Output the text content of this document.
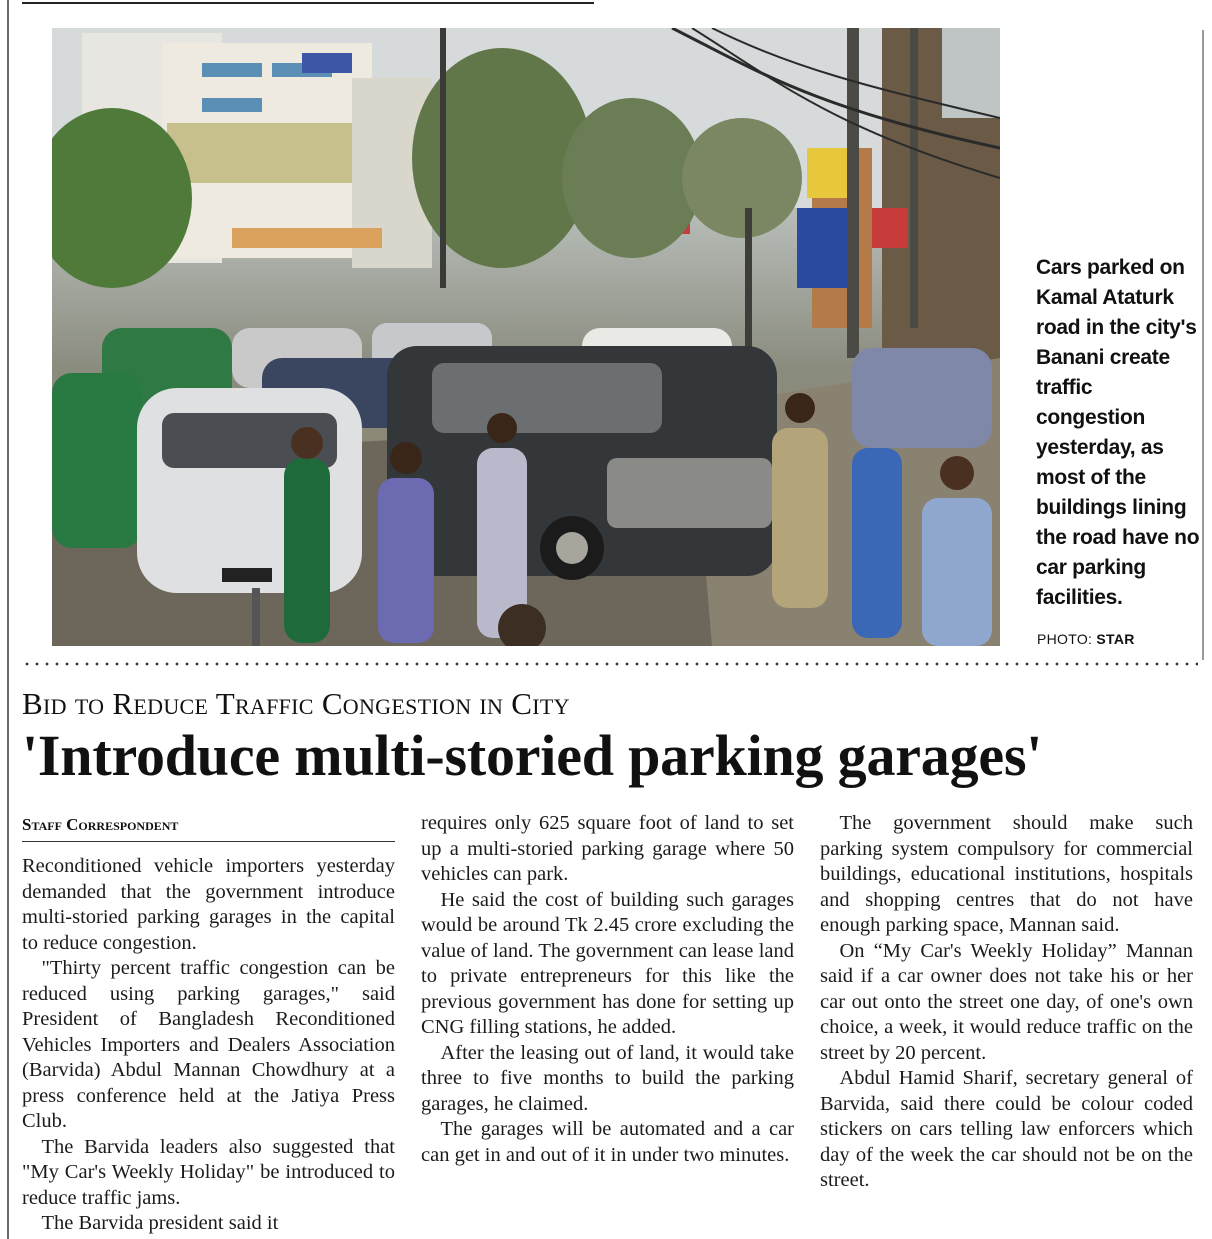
Cars parked on Kamal Ataturk road in the city's Banani create traffic congestion yesterday, as most of the buildings lining the road have no car parking facilities.
PHOTO: STAR
Bid to Reduce Traffic Congestion in City
'Introduce multi-storied parking garages'
Staff Correspondent

Reconditioned vehicle importers yesterday demanded that the government introduce multi-storied parking garages in the capital to reduce congestion.

"Thirty percent traffic congestion can be reduced using parking garages," said President of Bangladesh Reconditioned Vehicles Importers and Dealers Association (Barvida) Abdul Mannan Chowdhury at a press conference held at the Jatiya Press Club.

The Barvida leaders also suggested that "My Car's Weekly Holiday" be introduced to reduce traffic jams.

The Barvida president said it

requires only 625 square foot of land to set up a multi-storied parking garage where 50 vehicles can park.

He said the cost of building such garages would be around Tk 2.45 crore excluding the value of land. The government can lease land to private entrepreneurs for this like the previous government has done for setting up CNG filling stations, he added.

After the leasing out of land, it would take three to five months to build the parking garages, he claimed.

The garages will be automated and a car can get in and out of it in under two minutes.

The government should make such parking system compulsory for commercial buildings, educational institutions, hospitals and shopping centres that do not have enough parking space, Mannan said.

On “My Car's Weekly Holiday” Mannan said if a car owner does not take his or her car out onto the street one day, of one's own choice, a week, it would reduce traffic on the street by 20 percent.

Abdul Hamid Sharif, secretary general of Barvida, said there could be colour coded stickers on cars telling law enforcers which day of the week the car should not be on the street.
